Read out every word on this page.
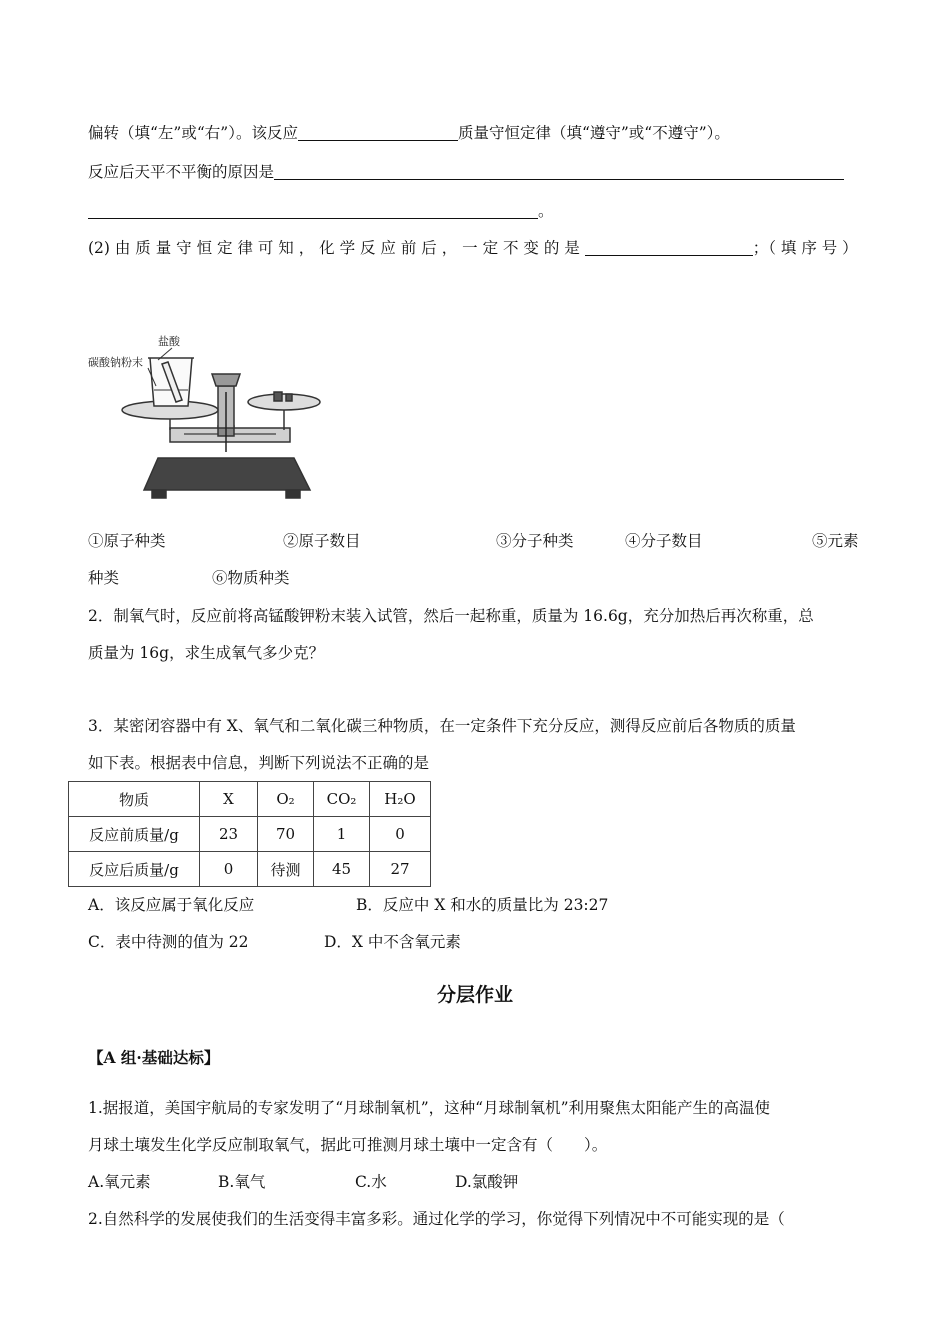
偏转（填“左”或“右”）。该反应	质量守恒定律（填“遵守”或“不遵守”）。
反应后天平不平衡的原因是
。
(2) 由 质 量 守 恒 定 律 可 知 ， 化 学 反 应 前 后 ， 一 定 不 变 的 是	；（ 填 序 号 ）
盐酸
碳酸钠粉末
①原子种类	②原子数目	③分子种类	④分子数目	⑤元素
种类	⑥物质种类
2．制氧气时，反应前将高锰酸钾粉末装入试管，然后一起称重，质量为 16.6g，充分加热后再次称重，总
质量为 16g，求生成氧气多少克？
3．某密闭容器中有 X、氧气和二氧化碳三种物质，在一定条件下充分反应，测得反应前后各物质的质量
如下表。根据表中信息，判断下列说法不正确的是
物质	X	O₂	CO₂	H₂O
反应前质量/g	23	70	1	0
反应后质量/g	0	待测	45	27
A．该反应属于氧化反应	B．反应中 X 和水的质量比为 23:27
C．表中待测的值为 22	D．X 中不含氧元素
分层作业
【A 组·基础达标】
1.据报道，美国宇航局的专家发明了“月球制氧机”，这种“月球制氧机”利用聚焦太阳能产生的高温使
月球土壤发生化学反应制取氧气，据此可推测月球土壤中一定含有（　　）。
A.氧元素	B.氧气	C.水	D.氯酸钾
2.自然科学的发展使我们的生活变得丰富多彩。通过化学的学习，你觉得下列情况中不可能实现的是（
